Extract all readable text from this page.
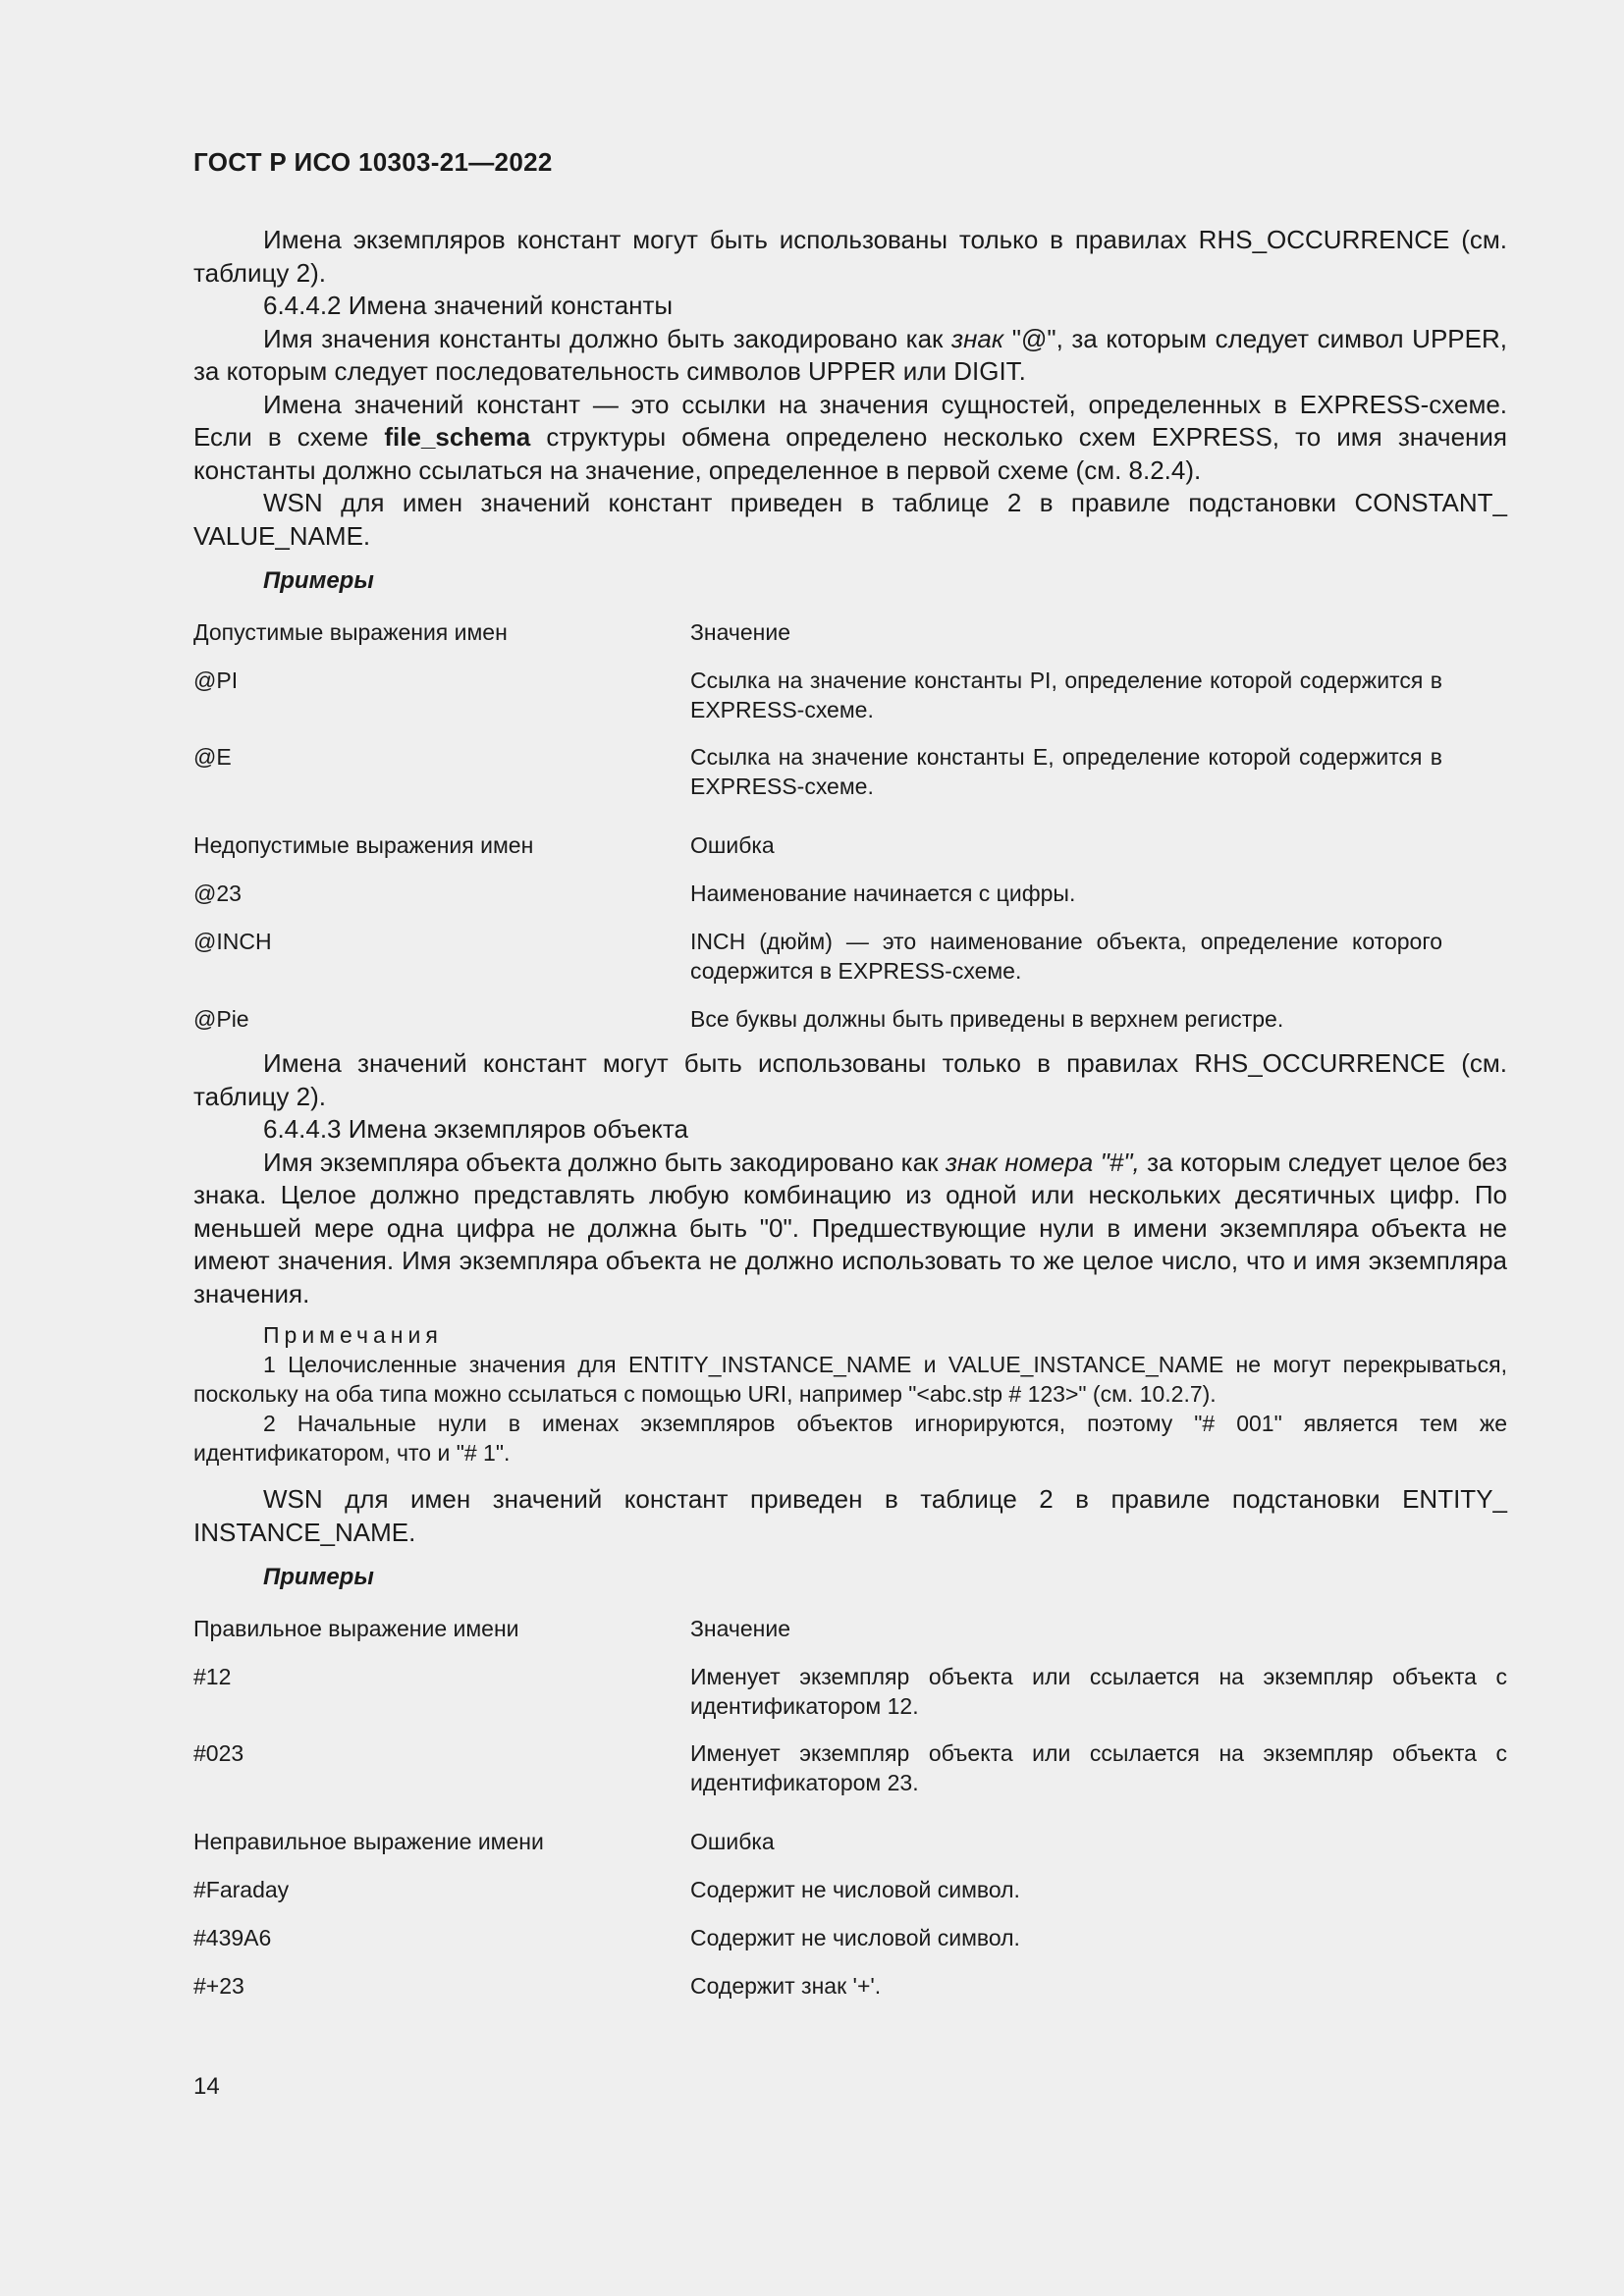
ГОСТ Р ИСО 10303-21—2022

Имена экземпляров констант могут быть использованы только в правилах RHS_OCCURRENCE (см. таблицу 2).

6.4.4.2 Имена значений константы

Имя значения константы должно быть закодировано как знак "@", за которым следует символ UPPER, за которым следует последовательность символов UPPER или DIGIT.

Имена значений констант — это ссылки на значения сущностей, определенных в EXPRESS-схеме. Если в схеме file_schema структуры обмена определено несколько схем EXPRESS, то имя значения константы должно ссылаться на значение, определенное в первой схеме (см. 8.2.4).

WSN для имен значений констант приведен в таблице 2 в правиле подстановки CONSTANT_ VALUE_NAME.

Примеры
Допустимые выражения имен	Значение
@PI	Ссылка на значение константы PI, определение которой содержится в EXPRESS-схеме.
@E	Ссылка на значение константы E, определение которой содержится в EXPRESS-схеме.
Недопустимые выражения имен	Ошибка
@23	Наименование начинается с цифры.
@INCH	INCH (дюйм) — это наименование объекта, определение которого содержится в EXPRESS-схеме.
@Pie	Все буквы должны быть приведены в верхнем регистре.

Имена значений констант могут быть использованы только в правилах RHS_OCCURRENCE (см. таблицу 2).

6.4.4.3 Имена экземпляров объекта

Имя экземпляра объекта должно быть закодировано как знак номера "#", за которым следует целое без знака. Целое должно представлять любую комбинацию из одной или нескольких десятичных цифр. По меньшей мере одна цифра не должна быть "0". Предшествующие нули в имени экземпляра объекта не имеют значения. Имя экземпляра объекта не должно использовать то же целое число, что и имя экземпляра значения.

Примечания

1 Целочисленные значения для ENTITY_INSTANCE_NAME и VALUE_INSTANCE_NAME не могут перекрываться, поскольку на оба типа можно ссылаться с помощью URI, например "<abc.stp # 123>" (см. 10.2.7).

2 Начальные нули в именах экземпляров объектов игнорируются, поэтому "# 001" является тем же идентификатором, что и "# 1".

WSN для имен значений констант приведен в таблице 2 в правиле подстановки ENTITY_ INSTANCE_NAME.

Примеры
Правильное выражение имени	Значение
#12	Именует экземпляр объекта или ссылается на экземпляр объекта с идентификатором 12.
#023	Именует экземпляр объекта или ссылается на экземпляр объекта с идентификатором 23.
Неправильное выражение имени	Ошибка
#Faraday	Содержит не числовой символ.
#439A6	Содержит не числовой символ.
#+23	Содержит знак '+'.
14
